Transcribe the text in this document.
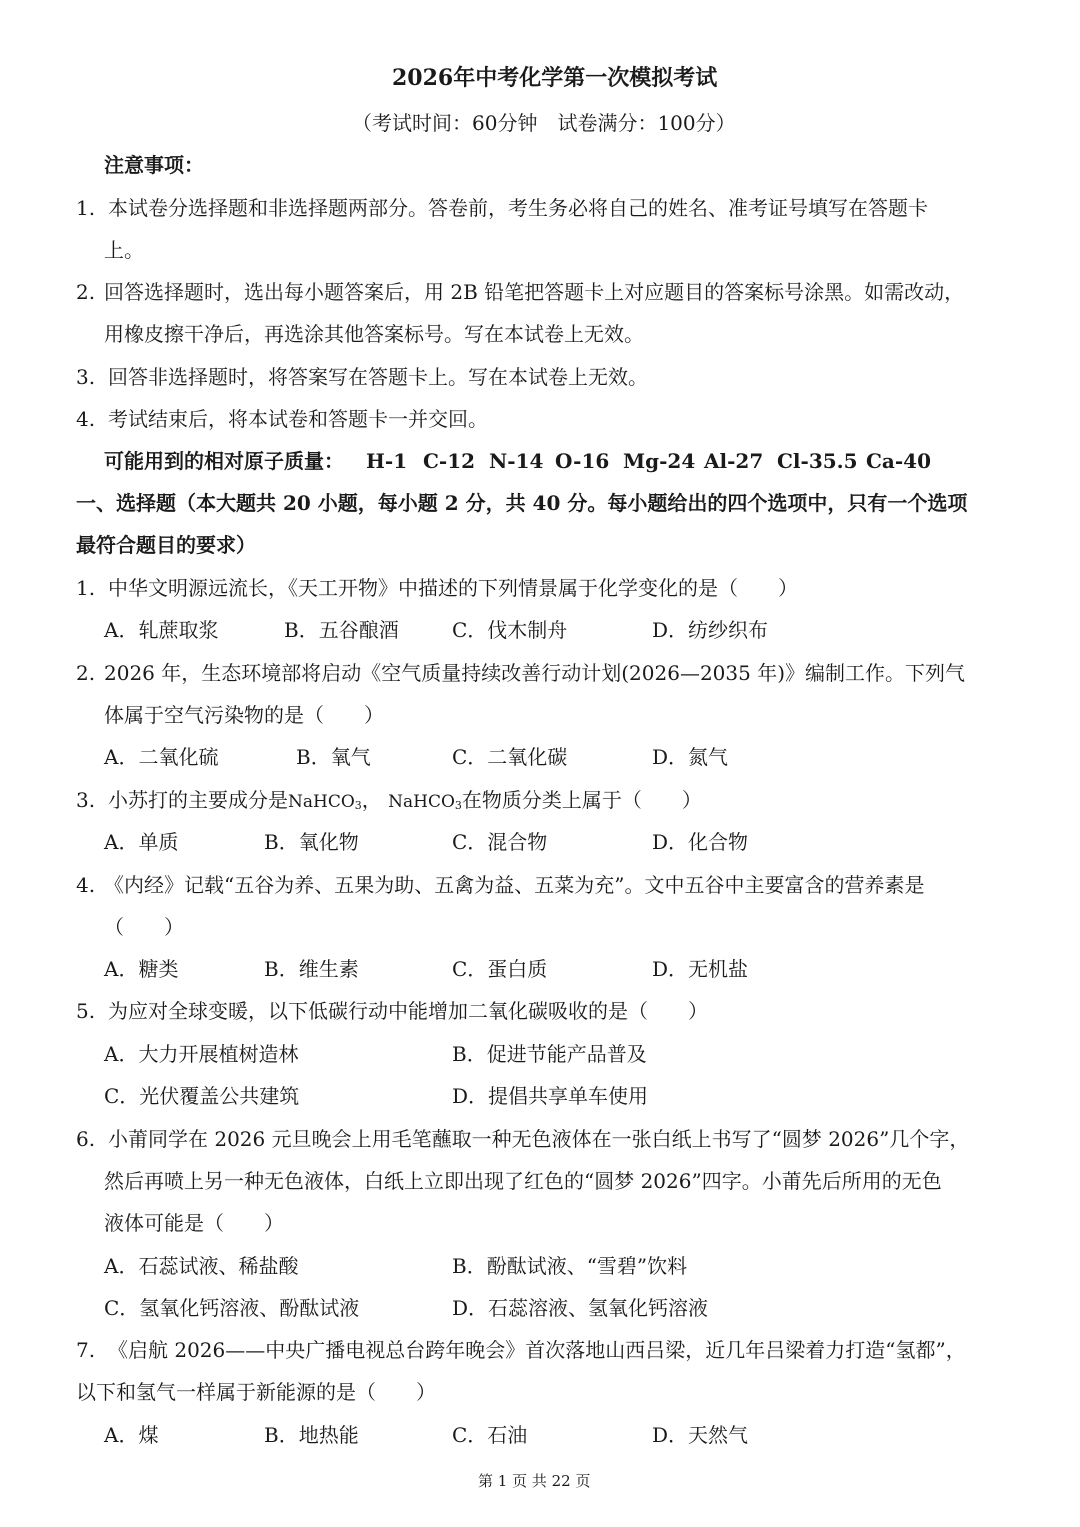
2026年中考化学第一次模拟考试
（考试时间：60分钟　试卷满分：100分）
注意事项：
1. 本试卷分选择题和非选择题两部分。答卷前，考生务必将自己的姓名、准考证号填写在答题卡
上。
2. 回答选择题时，选出每小题答案后，用 2B 铅笔把答题卡上对应题目的答案标号涂黑。如需改动，
用橡皮擦干净后，再选涂其他答案标号。写在本试卷上无效。
3. 回答非选择题时，将答案写在答题卡上。写在本试卷上无效。
4. 考试结束后，将本试卷和答题卡一并交回。
可能用到的相对原子质量： H-1 C-12 N-14 O-16 Mg-24 Al-27 Cl-35.5 Ca-40
一、选择题（本大题共 20 小题，每小题 2 分，共 40 分。每小题给出的四个选项中，只有一个选项
最符合题目的要求）
1. 中华文明源远流长，《天工开物》中描述的下列情景属于化学变化的是（　　）
A．轧蔗取浆	B．五谷酿酒	C．伐木制舟	D．纺纱织布
2. 2026 年，生态环境部将启动《空气质量持续改善行动计划(2026—2035 年)》编制工作。下列气
体属于空气污染物的是（　　）
A．二氧化硫	B．氧气	C．二氧化碳	D．氮气
3. 小苏打的主要成分是NaHCO$_3$， NaHCO$_3$在物质分类上属于（　　）
A．单质	B．氧化物	C．混合物	D．化合物
4. 《内经》记载“五谷为养、五果为助、五禽为益、五菜为充”。文中五谷中主要富含的营养素是
（　　）
A．糖类	B．维生素	C．蛋白质	D．无机盐
5. 为应对全球变暖，以下低碳行动中能增加二氧化碳吸收的是（　　）
A．大力开展植树造林	B．促进节能产品普及
C．光伏覆盖公共建筑	D．提倡共享单车使用
6. 小莆同学在 2026 元旦晚会上用毛笔蘸取一种无色液体在一张白纸上书写了“圆梦 2026”几个字，
然后再喷上另一种无色液体，白纸上立即出现了红色的“圆梦 2026”四字。小莆先后所用的无色
液体可能是（　　）
A．石蕊试液、稀盐酸	B．酚酞试液、“雪碧”饮料
C．氢氧化钙溶液、酚酞试液	D．石蕊溶液、氢氧化钙溶液
7. 《启航 2026——中央广播电视总台跨年晚会》首次落地山西吕梁，近几年吕梁着力打造“氢都”，
以下和氢气一样属于新能源的是（　　）
A．煤	B．地热能	C．石油	D．天然气
第 1 页 共 22 页
